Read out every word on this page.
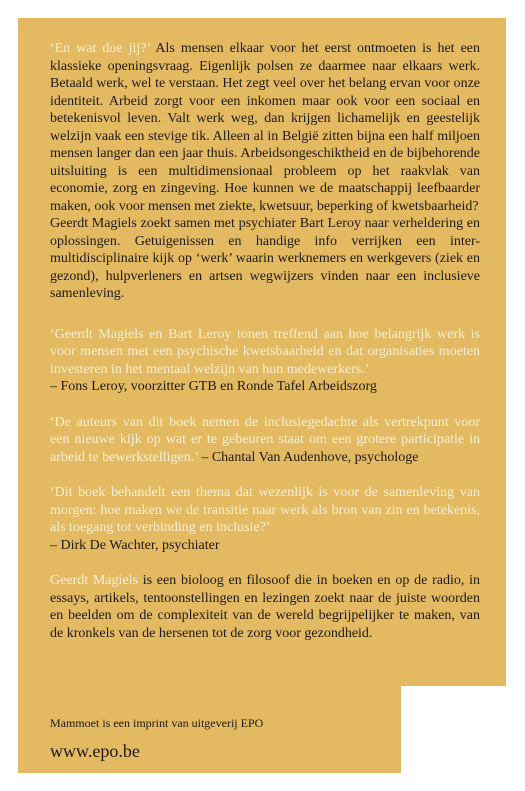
‘En wat doe jij?’ Als mensen elkaar voor het eerst ontmoeten is het een klassieke openingsvraag. Eigenlijk polsen ze daarmee naar elkaars werk. Betaald werk, wel te verstaan. Het zegt veel over het belang ervan voor onze identiteit. Arbeid zorgt voor een inkomen maar ook voor een sociaal en betekenisvol leven. Valt werk weg, dan krijgen lichamelijk en geestelijk welzijn vaak een stevige tik. Alleen al in België zitten bijna een half miljoen mensen langer dan een jaar thuis. Arbeidsongeschiktheid en de bijbehorende uitsluiting is een multidimensionaal probleem op het raakvlak van economie, zorg en zingeving. Hoe kunnen we de maatschappij leefbaarder maken, ook voor mensen met ziekte, kwetsuur, beperking of kwetsbaarheid?

Geerdt Magiels zoekt samen met psychiater Bart Leroy naar verheldering en oplossingen. Getuigenissen en handige info verrijken een inter-multidisciplinaire kijk op ‘werk’ waarin werknemers en werkgevers (ziek en gezond), hulpverleners en artsen wegwijzers vinden naar een inclusieve samenleving.

‘Geerdt Magiels en Bart Leroy tonen treffend aan hoe belangrijk werk is voor mensen met een psychische kwetsbaarheid en dat organisaties moeten investeren in het mentaal welzijn van hun medewerkers.’
– Fons Leroy, voorzitter GTB en Ronde Tafel Arbeidszorg
‘De auteurs van dit boek nemen de inclusiegedachte als vertrekpunt voor een nieuwe kijk op wat er te gebeuren staat om een grotere participatie in arbeid te bewerkstelligen.’ – Chantal Van Audenhove, psychologe
‘Dit boek behandelt een thema dat wezenlijk is voor de samenleving van morgen: hoe maken we de transitie naar werk als bron van zin en betekenis, als toegang tot verbinding en inclusie?’
– Dirk De Wachter, psychiater

Geerdt Magiels is een bioloog en filosoof die in boeken en op de radio, in essays, artikels, tentoonstellingen en lezingen zoekt naar de juiste woorden en beelden om de complexiteit van de wereld begrijpelijker te maken, van de kronkels van de hersenen tot de zorg voor gezondheid.

Mammoet is een imprint van uitgeverij EPO
www.epo.be
